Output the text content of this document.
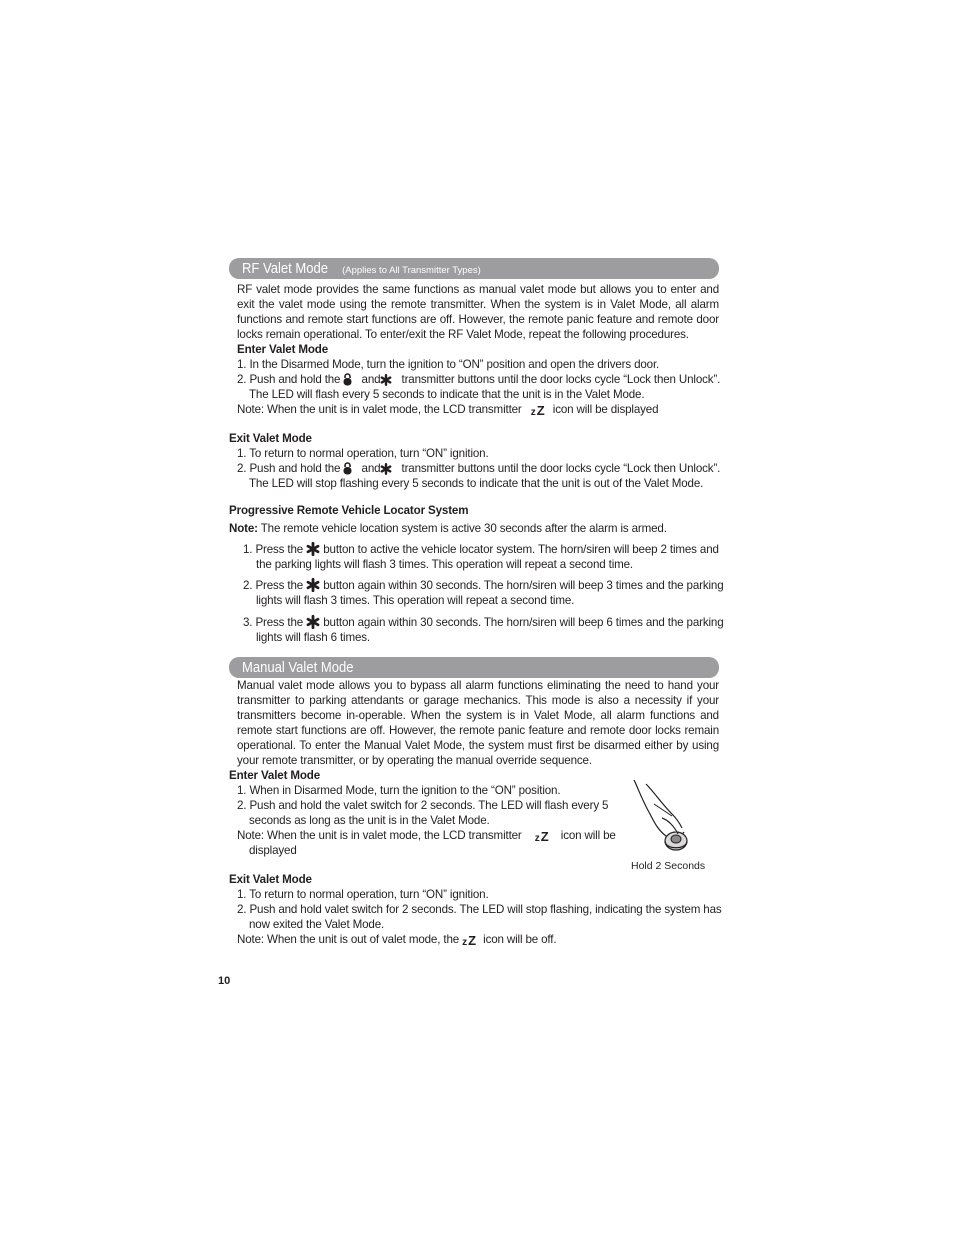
RF Valet Mode (Applies to All Transmitter Types)
RF valet mode provides the same functions as manual valet mode but allows you to enter and exit the valet mode using the remote transmitter. When the system is in Valet Mode, all alarm functions and remote start functions are off. However, the remote panic feature and remote door locks remain operational. To enter/exit the RF Valet Mode, repeat the following procedures.
Enter Valet Mode
1. In the Disarmed Mode, turn the ignition to “ON” position and open the drivers door.
2. Push and hold the and transmitter buttons until the door locks cycle “Lock then Unlock”.
The LED will flash every 5 seconds to indicate that the unit is in the Valet Mode.
Note: When the unit is in valet mode, the LCD transmitter zZ icon will be displayed
Exit Valet Mode
1. To return to normal operation, turn “ON” ignition.
2. Push and hold the and transmitter buttons until the door locks cycle “Lock then Unlock”.
The LED will stop flashing every 5 seconds to indicate that the unit is out of the Valet Mode.
Progressive Remote Vehicle Locator System
Note: The remote vehicle location system is active 30 seconds after the alarm is armed.
1. Press the button to active the vehicle locator system. The horn/siren will beep 2 times and
the parking lights will flash 3 times. This operation will repeat a second time.
2. Press the button again within 30 seconds. The horn/siren will beep 3 times and the parking
lights will flash 3 times. This operation will repeat a second time.
3. Press the button again within 30 seconds. The horn/siren will beep 6 times and the parking
lights will flash 6 times.
Manual Valet Mode
Manual valet mode allows you to bypass all alarm functions eliminating the need to hand your transmitter to parking attendants or garage mechanics. This mode is also a necessity if your transmitters become in-operable. When the system is in Valet Mode, all alarm functions and remote start functions are off. However, the remote panic feature and remote door locks remain operational. To enter the Manual Valet Mode, the system must first be disarmed either by using your remote transmitter, or by operating the manual override sequence.
Enter Valet Mode
1. When in Disarmed Mode, turn the ignition to the “ON” position.
2. Push and hold the valet switch for 2 seconds. The LED will flash every 5
seconds as long as the unit is in the Valet Mode.
Note: When the unit is in valet mode, the LCD transmitter zZ icon will be
displayed
Hold 2 Seconds
Exit Valet Mode
1. To return to normal operation, turn “ON” ignition.
2. Push and hold valet switch for 2 seconds. The LED will stop flashing, indicating the system has
now exited the Valet Mode.
Note: When the unit is out of valet mode, the zZ icon will be off.
10
